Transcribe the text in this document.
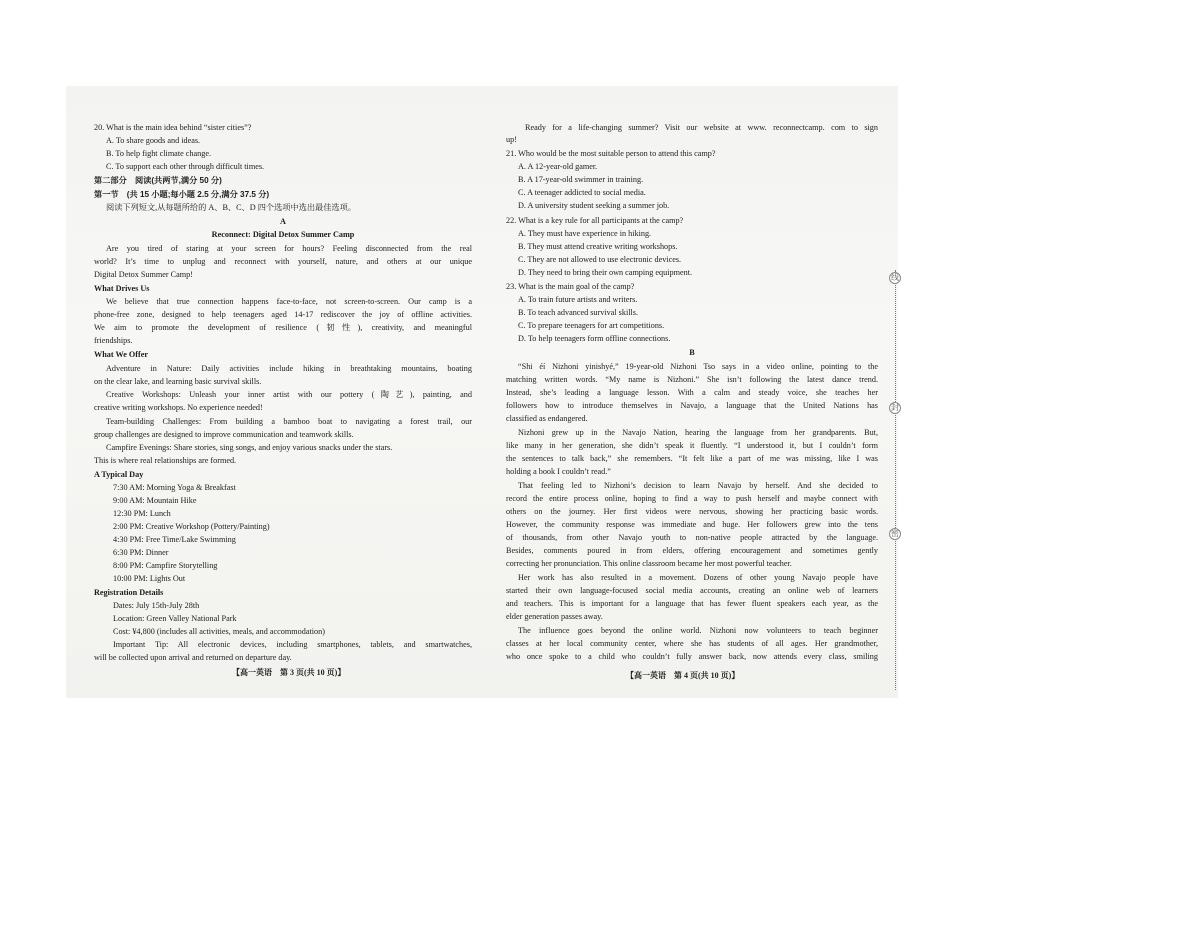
线
封
密
20. What is the main idea behind “sister cities”?
A. To share goods and ideas.
B. To help fight climate change.
C. To support each other through difficult times.
第二部分　阅读(共两节,满分 50 分)
第一节　(共 15 小题;每小题 2.5 分,满分 37.5 分)
阅读下列短文,从每题所给的 A、B、C、D 四个选项中选出最佳选项。
A
Reconnect: Digital Detox Summer Camp
Are you tired of staring at your screen for hours? Feeling disconnected from the real
world? It’s time to unplug and reconnect with yourself, nature, and others at our unique
Digital Detox Summer Camp!
What Drives Us
We believe that true connection happens face-to-face, not screen-to-screen. Our camp is a
phone-free zone, designed to help teenagers aged 14-17 rediscover the joy of offline activities.
We aim to promote the development of resilience (韧性), creativity, and meaningful
friendships.
What We Offer
Adventure in Nature: Daily activities include hiking in breathtaking mountains, boating
on the clear lake, and learning basic survival skills.
Creative Workshops: Unleash your inner artist with our pottery (陶艺), painting, and
creative writing workshops. No experience needed!
Team-building Challenges: From building a bamboo boat to navigating a forest trail, our
group challenges are designed to improve communication and teamwork skills.
Campfire Evenings: Share stories, sing songs, and enjoy various snacks under the stars.
This is where real relationships are formed.
A Typical Day
7:30 AM: Morning Yoga & Breakfast
9:00 AM: Mountain Hike
12:30 PM: Lunch
2:00 PM: Creative Workshop (Pottery/Painting)
4:30 PM: Free Time/Lake Swimming
6:30 PM: Dinner
8:00 PM: Campfire Storytelling
10:00 PM: Lights Out
Registration Details
Dates: July 15th-July 28th
Location: Green Valley National Park
Cost: ¥4,800 (includes all activities, meals, and accommodation)
Important Tip: All electronic devices, including smartphones, tablets, and smartwatches,
will be collected upon arrival and returned on departure day.
【高一英语　第 3 页(共 10 页)】
Ready for a life-changing summer? Visit our website at www. reconnectcamp. com to sign
up!
21. Who would be the most suitable person to attend this camp?
A. A 12-year-old gamer.
B. A 17-year-old swimmer in training.
C. A teenager addicted to social media.
D. A university student seeking a summer job.
22. What is a key rule for all participants at the camp?
A. They must have experience in hiking.
B. They must attend creative writing workshops.
C. They are not allowed to use electronic devices.
D. They need to bring their own camping equipment.
23. What is the main goal of the camp?
A. To train future artists and writers.
B. To teach advanced survival skills.
C. To prepare teenagers for art competitions.
D. To help teenagers form offline connections.
B
“Shi éí Nizhoni yinishyé,” 19-year-old Nizhoni Tso says in a video online, pointing to the
matching written words. “My name is Nizhoni.” She isn’t following the latest dance trend.
Instead, she’s leading a language lesson. With a calm and steady voice, she teaches her
followers how to introduce themselves in Navajo, a language that the United Nations has
classified as endangered.
Nizhoni grew up in the Navajo Nation, hearing the language from her grandparents. But,
like many in her generation, she didn’t speak it fluently. “I understood it, but I couldn’t form
the sentences to talk back,” she remembers. “It felt like a part of me was missing, like I was
holding a book I couldn’t read.”
That feeling led to Nizhoni’s decision to learn Navajo by herself. And she decided to
record the entire process online, hoping to find a way to push herself and maybe connect with
others on the journey. Her first videos were nervous, showing her practicing basic words.
However, the community response was immediate and huge. Her followers grew into the tens
of thousands, from other Navajo youth to non-native people attracted by the language.
Besides, comments poured in from elders, offering encouragement and sometimes gently
correcting her pronunciation. This online classroom became her most powerful teacher.
Her work has also resulted in a movement. Dozens of other young Navajo people have
started their own language-focused social media accounts, creating an online web of learners
and teachers. This is important for a language that has fewer fluent speakers each year, as the
elder generation passes away.
The influence goes beyond the online world. Nizhoni now volunteers to teach beginner
classes at her local community center, where she has students of all ages. Her grandmother,
who once spoke to a child who couldn’t fully answer back, now attends every class, smiling
【高一英语　第 4 页(共 10 页)】
